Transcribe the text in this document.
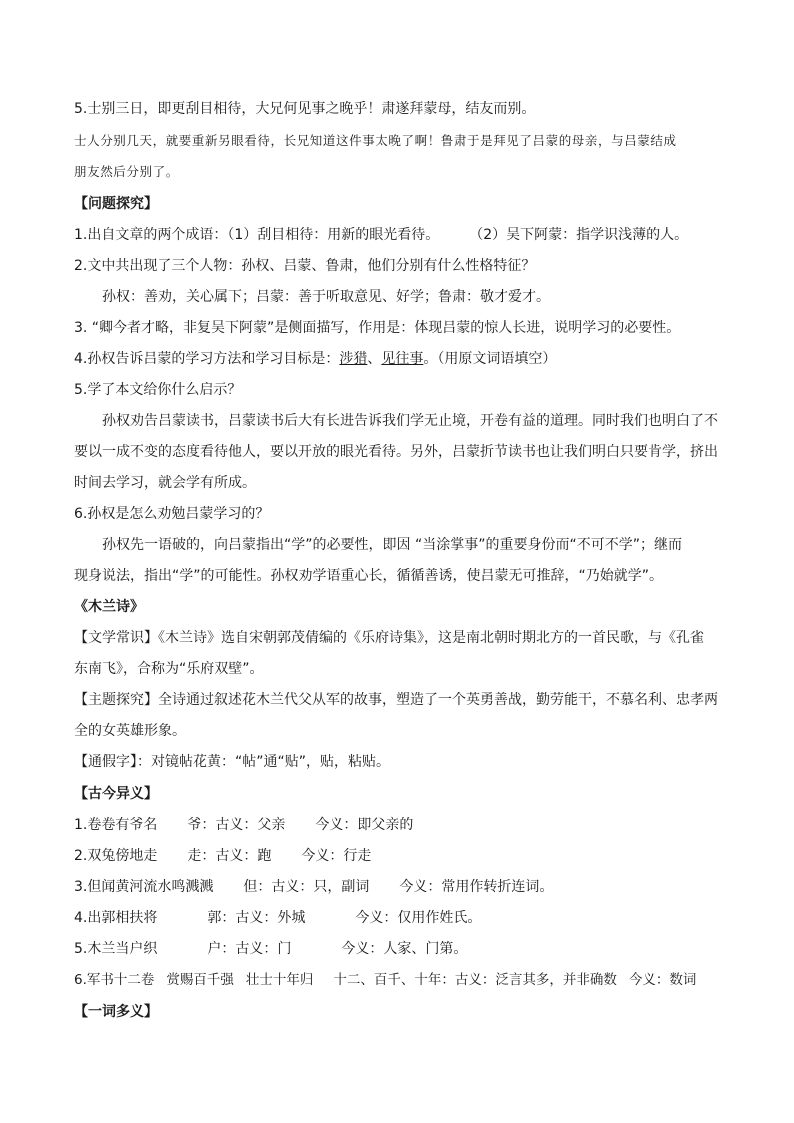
5.士别三日，即更刮目相待，大兄何见事之晚乎！肃遂拜蒙母，结友而别。
士人分别几天，就要重新另眼看待，长兄知道这件事太晚了啊！鲁肃于是拜见了吕蒙的母亲，与吕蒙结成
朋友然后分别了。
【问题探究】
1.出自文章的两个成语：（1）刮目相待：用新的眼光看待。 （2）吴下阿蒙：指学识浅薄的人。
2.文中共出现了三个人物：孙权、吕蒙、鲁肃，他们分别有什么性格特征？
孙权：善劝，关心属下；吕蒙：善于听取意见、好学；鲁肃：敬才爱才。
3. “卿今者才略，非复吴下阿蒙”是侧面描写，作用是：体现吕蒙的惊人长进，说明学习的必要性。
4.孙权告诉吕蒙的学习方法和学习目标是：涉猎、见往事。（用原文词语填空）
5.学了本文给你什么启示？
孙权劝告吕蒙读书，吕蒙读书后大有长进告诉我们学无止境，开卷有益的道理。同时我们也明白了不
要以一成不变的态度看待他人，要以开放的眼光看待。另外，吕蒙折节读书也让我们明白只要肯学，挤出
时间去学习，就会学有所成。
6.孙权是怎么劝勉吕蒙学习的？
孙权先一语破的，向吕蒙指出“学”的必要性，即因 “当涂掌事”的重要身份而“不可不学”；继而
现身说法，指出“学”的可能性。孙权劝学语重心长，循循善诱，使吕蒙无可推辞，“乃始就学”。
《木兰诗》
【文学常识】《木兰诗》选自宋朝郭茂倩编的《乐府诗集》，这是南北朝时期北方的一首民歌，与《孔雀
东南飞》，合称为“乐府双壁”。
【主题探究】全诗通过叙述花木兰代父从军的故事，塑造了一个英勇善战，勤劳能干，不慕名利、忠孝两
全的女英雄形象。
【通假字】：对镜帖花黄：“帖”通“贴”，贴，粘贴。
【古今异义】
1.卷卷有爷名 爷：古义：父亲 今义：即父亲的
2.双兔傍地走 走：古义：跑 今义：行走
3.但闻黄河流水鸣溅溅 但：古义：只，副词 今义：常用作转折连词。
4.出郭相扶将	郭：古义：外城	今义：仅用作姓氏。
5.木兰当户织	户：古义：门	今义：人家、门第。
6.军书十二卷 赏赐百千强 壮士十年归 十二、百千、十年：古义：泛言其多，并非确数 今义：数词
【一词多义】
